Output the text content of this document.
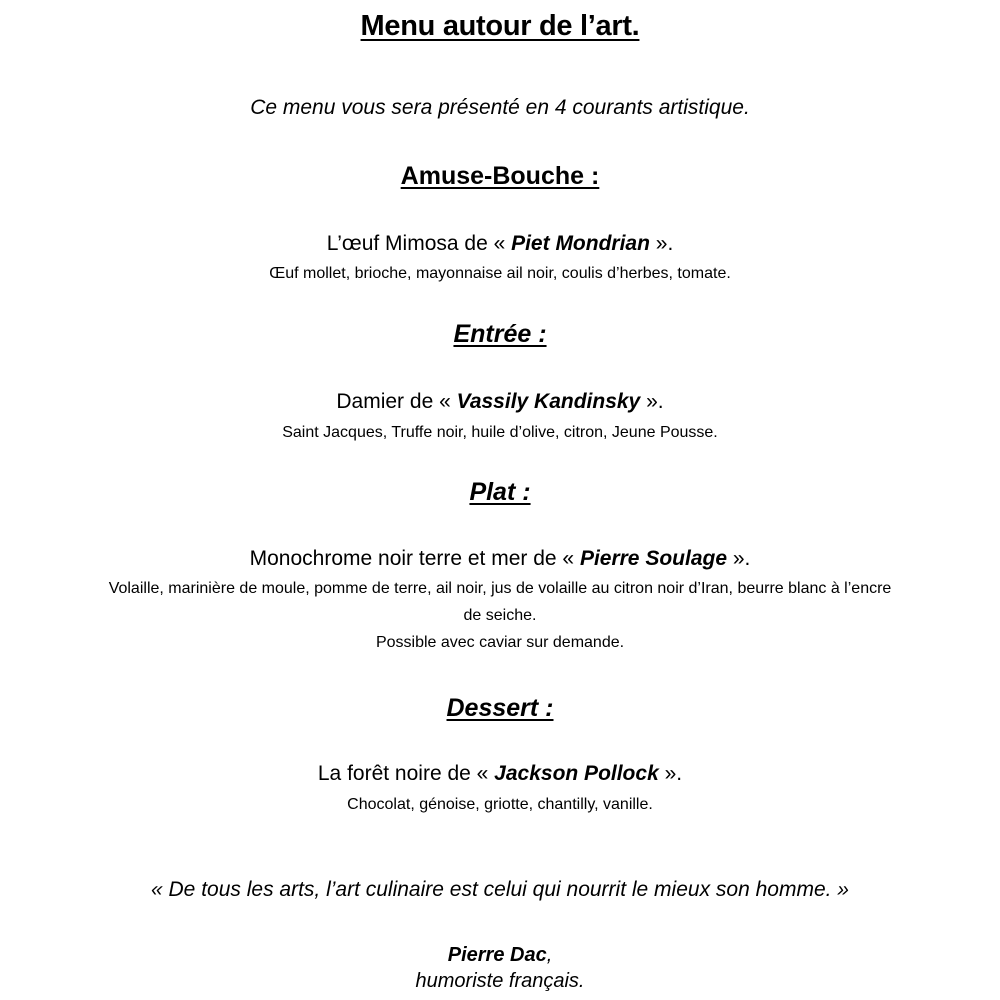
Menu autour de l’art.
Ce menu vous sera présenté en 4 courants artistique.
Amuse-Bouche :
L’œuf Mimosa de « Piet Mondrian ».
Œuf mollet, brioche, mayonnaise ail noir, coulis d’herbes, tomate.
Entrée :
Damier de « Vassily Kandinsky ».
Saint Jacques, Truffe noir, huile d’olive, citron, Jeune Pousse.
Plat :
Monochrome noir terre et mer de « Pierre Soulage ».
Volaille, marinière de moule, pomme de terre, ail noir, jus de volaille au citron noir d’Iran, beurre blanc à l’encre
de seiche.
Possible avec caviar sur demande.
Dessert :
La forêt noire de « Jackson Pollock ».
Chocolat, génoise, griotte, chantilly, vanille.
« De tous les arts, l’art culinaire est celui qui nourrit le mieux son homme. »
Pierre Dac,
humoriste français.
